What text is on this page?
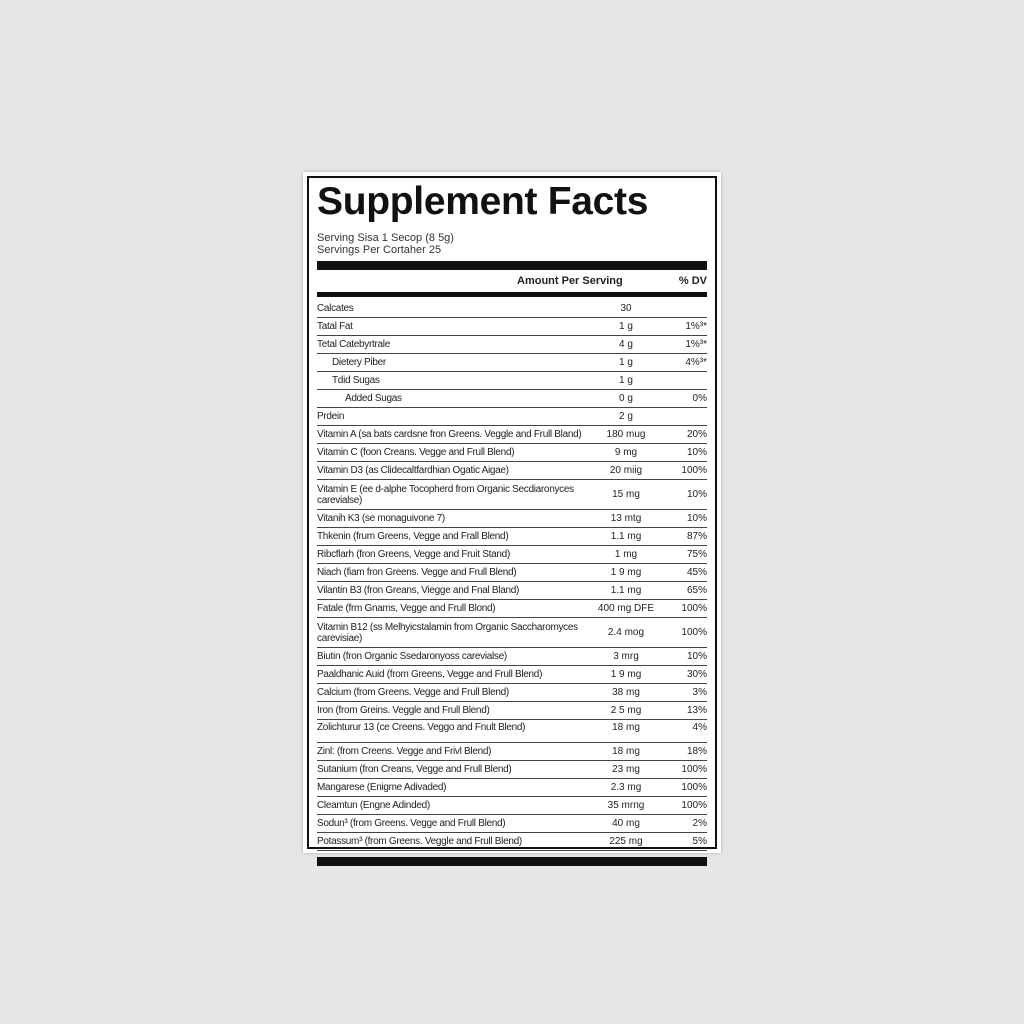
Supplement Facts
Serving Sisa 1 Secop (8 5g)
Servings Per Cortaher 25
Amount Per Serving	% DV
Calcates	30
Tatal Fat	1 g	1%³*
Tetal Catebyrtrale	4 g	1%³*
Dietery Piber	1 g	4%³*
Tdid Sugas	1 g
Added Sugas	0 g	0%
Prdein	2 g
Vitamin A (sa bats cardsne fron Greens. Veggle and Frull Bland)	180 mug	20%
Vitamin C (foon Creans. Vegge and Frull Blend)	9 mg	10%
Vitamin D3 (as Clidecaltfardhian Ogatic Aigae)	20 miig	100%
Vitamin E (ee d-alphe Tocopherd from Organic Secdiaronyces carevialse)	15 mg	10%
Vitanih K3 (se monaguivone 7)	13 mtg	10%
Thkenin (frum Greens, Vegge and Frall Blend)	1.1 mg	87%
Ribcflarh (fron Greens, Vegge and Fruit Stand)	1 mg	75%
Niach (fiam fron Greens. Vegge and Frull Blend)	1 9 mg	45%
Vilantin B3 (fron Greans, Viegge and Fnal Bland)	1.1 mg	65%
Fatale (frm Gnams, Vegge and Frull Blond)	400 mg DFE	100%
Vitamin B12 (ss Melhyicstalamin from Organic Saccharomyces carevisiae)	2.4 mog	100%
Biutin (fron Organic Ssedaronyoss carevialse)	3 mrg	10%
Paaldhanic Auid (from Greens, Vegge and Frull Blend)	1 9 mg	30%
Calcium (from Greens. Vegge and Frull Blend)	38 mg	3%
Iron (from Greins. Veggle and Frull Blend)	2 5 mg	13%
Zolichturur 13 (ce Creens. Veggo and Fnult Blend)	18 mg	4%
Zinl: (from Creens. Vegge and Frivl Blend)	18 mg	18%
Sutanium (fron Creans, Vegge and Frull Blend)	23 mg	100%
Mangarese (Enigme Adivaded)	2.3 mg	100%
Cleamtun (Engne Adinded)	35 mrng	100%
Sodun³ (from Greens. Vegge and Frull Blend)	40 mg	2%
Potassum³ (from Greens. Veggle and Frull Blend)	225 mg	5%
